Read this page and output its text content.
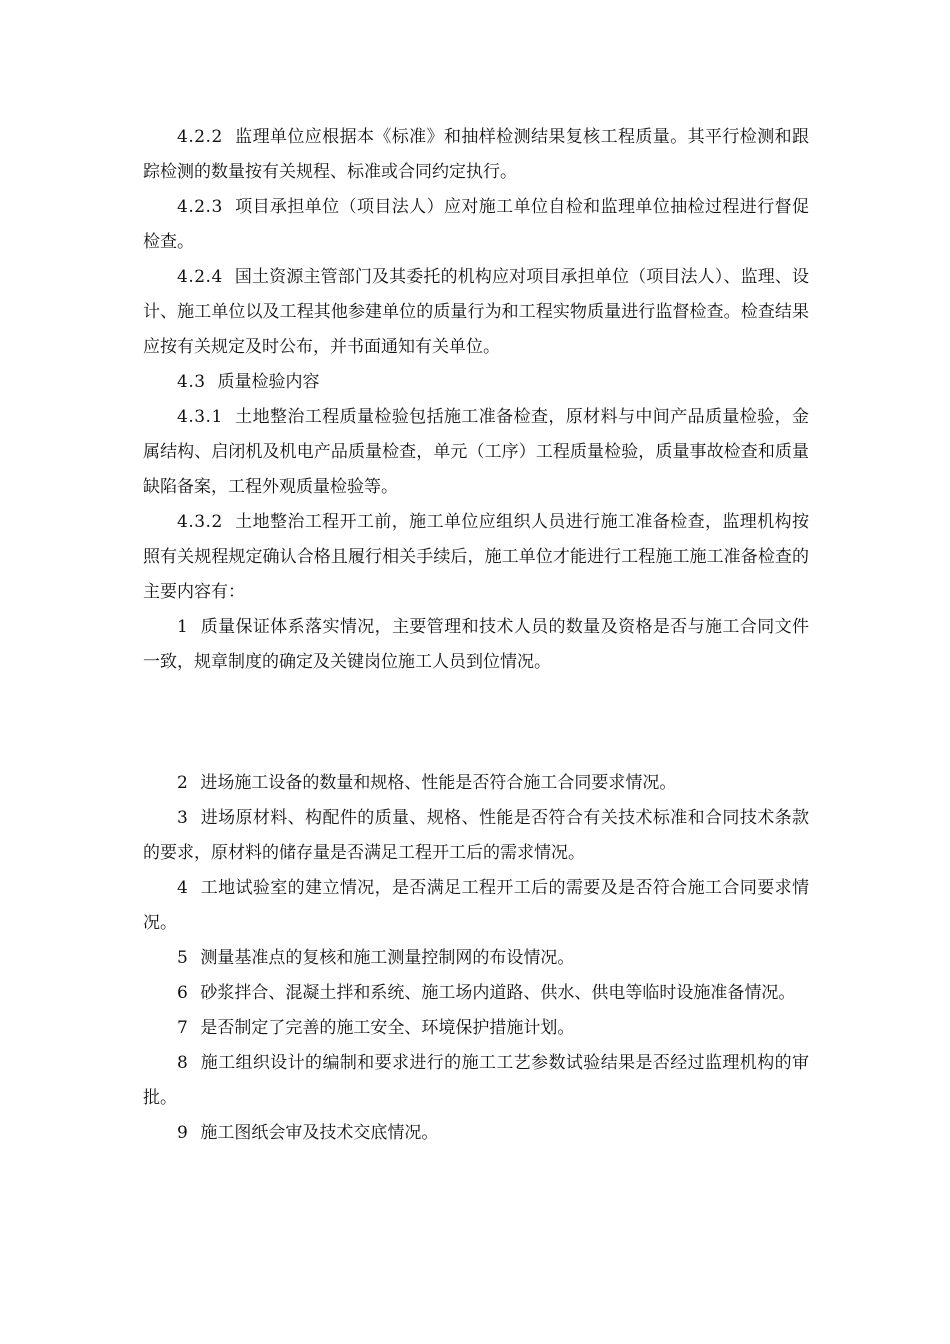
4.2.2 监理单位应根据本《标准》和抽样检测结果复核工程质量。其平行检测和跟踪检测的数量按有关规程、标准或合同约定执行。

4.2.3 项目承担单位（项目法人）应对施工单位自检和监理单位抽检过程进行督促检查。

4.2.4 国土资源主管部门及其委托的机构应对项目承担单位（项目法人）、监理、设计、施工单位以及工程其他参建单位的质量行为和工程实物质量进行监督检查。检查结果应按有关规定及时公布，并书面通知有关单位。

4.3 质量检验内容

4.3.1 土地整治工程质量检验包括施工准备检查，原材料与中间产品质量检验，金属结构、启闭机及机电产品质量检查，单元（工序）工程质量检验，质量事故检查和质量缺陷备案，工程外观质量检验等。

4.3.2 土地整治工程开工前，施工单位应组织人员进行施工准备检查，监理机构按照有关规程规定确认合格且履行相关手续后，施工单位才能进行工程施工施工准备检查的主要内容有：

1 质量保证体系落实情况，主要管理和技术人员的数量及资格是否与施工合同文件一致，规章制度的确定及关键岗位施工人员到位情况。

2 进场施工设备的数量和规格、性能是否符合施工合同要求情况。

3 进场原材料、构配件的质量、规格、性能是否符合有关技术标准和合同技术条款的要求，原材料的储存量是否满足工程开工后的需求情况。

4 工地试验室的建立情况，是否满足工程开工后的需要及是否符合施工合同要求情况。

5 测量基准点的复核和施工测量控制网的布设情况。

6 砂浆拌合、混凝土拌和系统、施工场内道路、供水、供电等临时设施准备情况。

7 是否制定了完善的施工安全、环境保护措施计划。

8 施工组织设计的编制和要求进行的施工工艺参数试验结果是否经过监理机构的审批。

9 施工图纸会审及技术交底情况。
